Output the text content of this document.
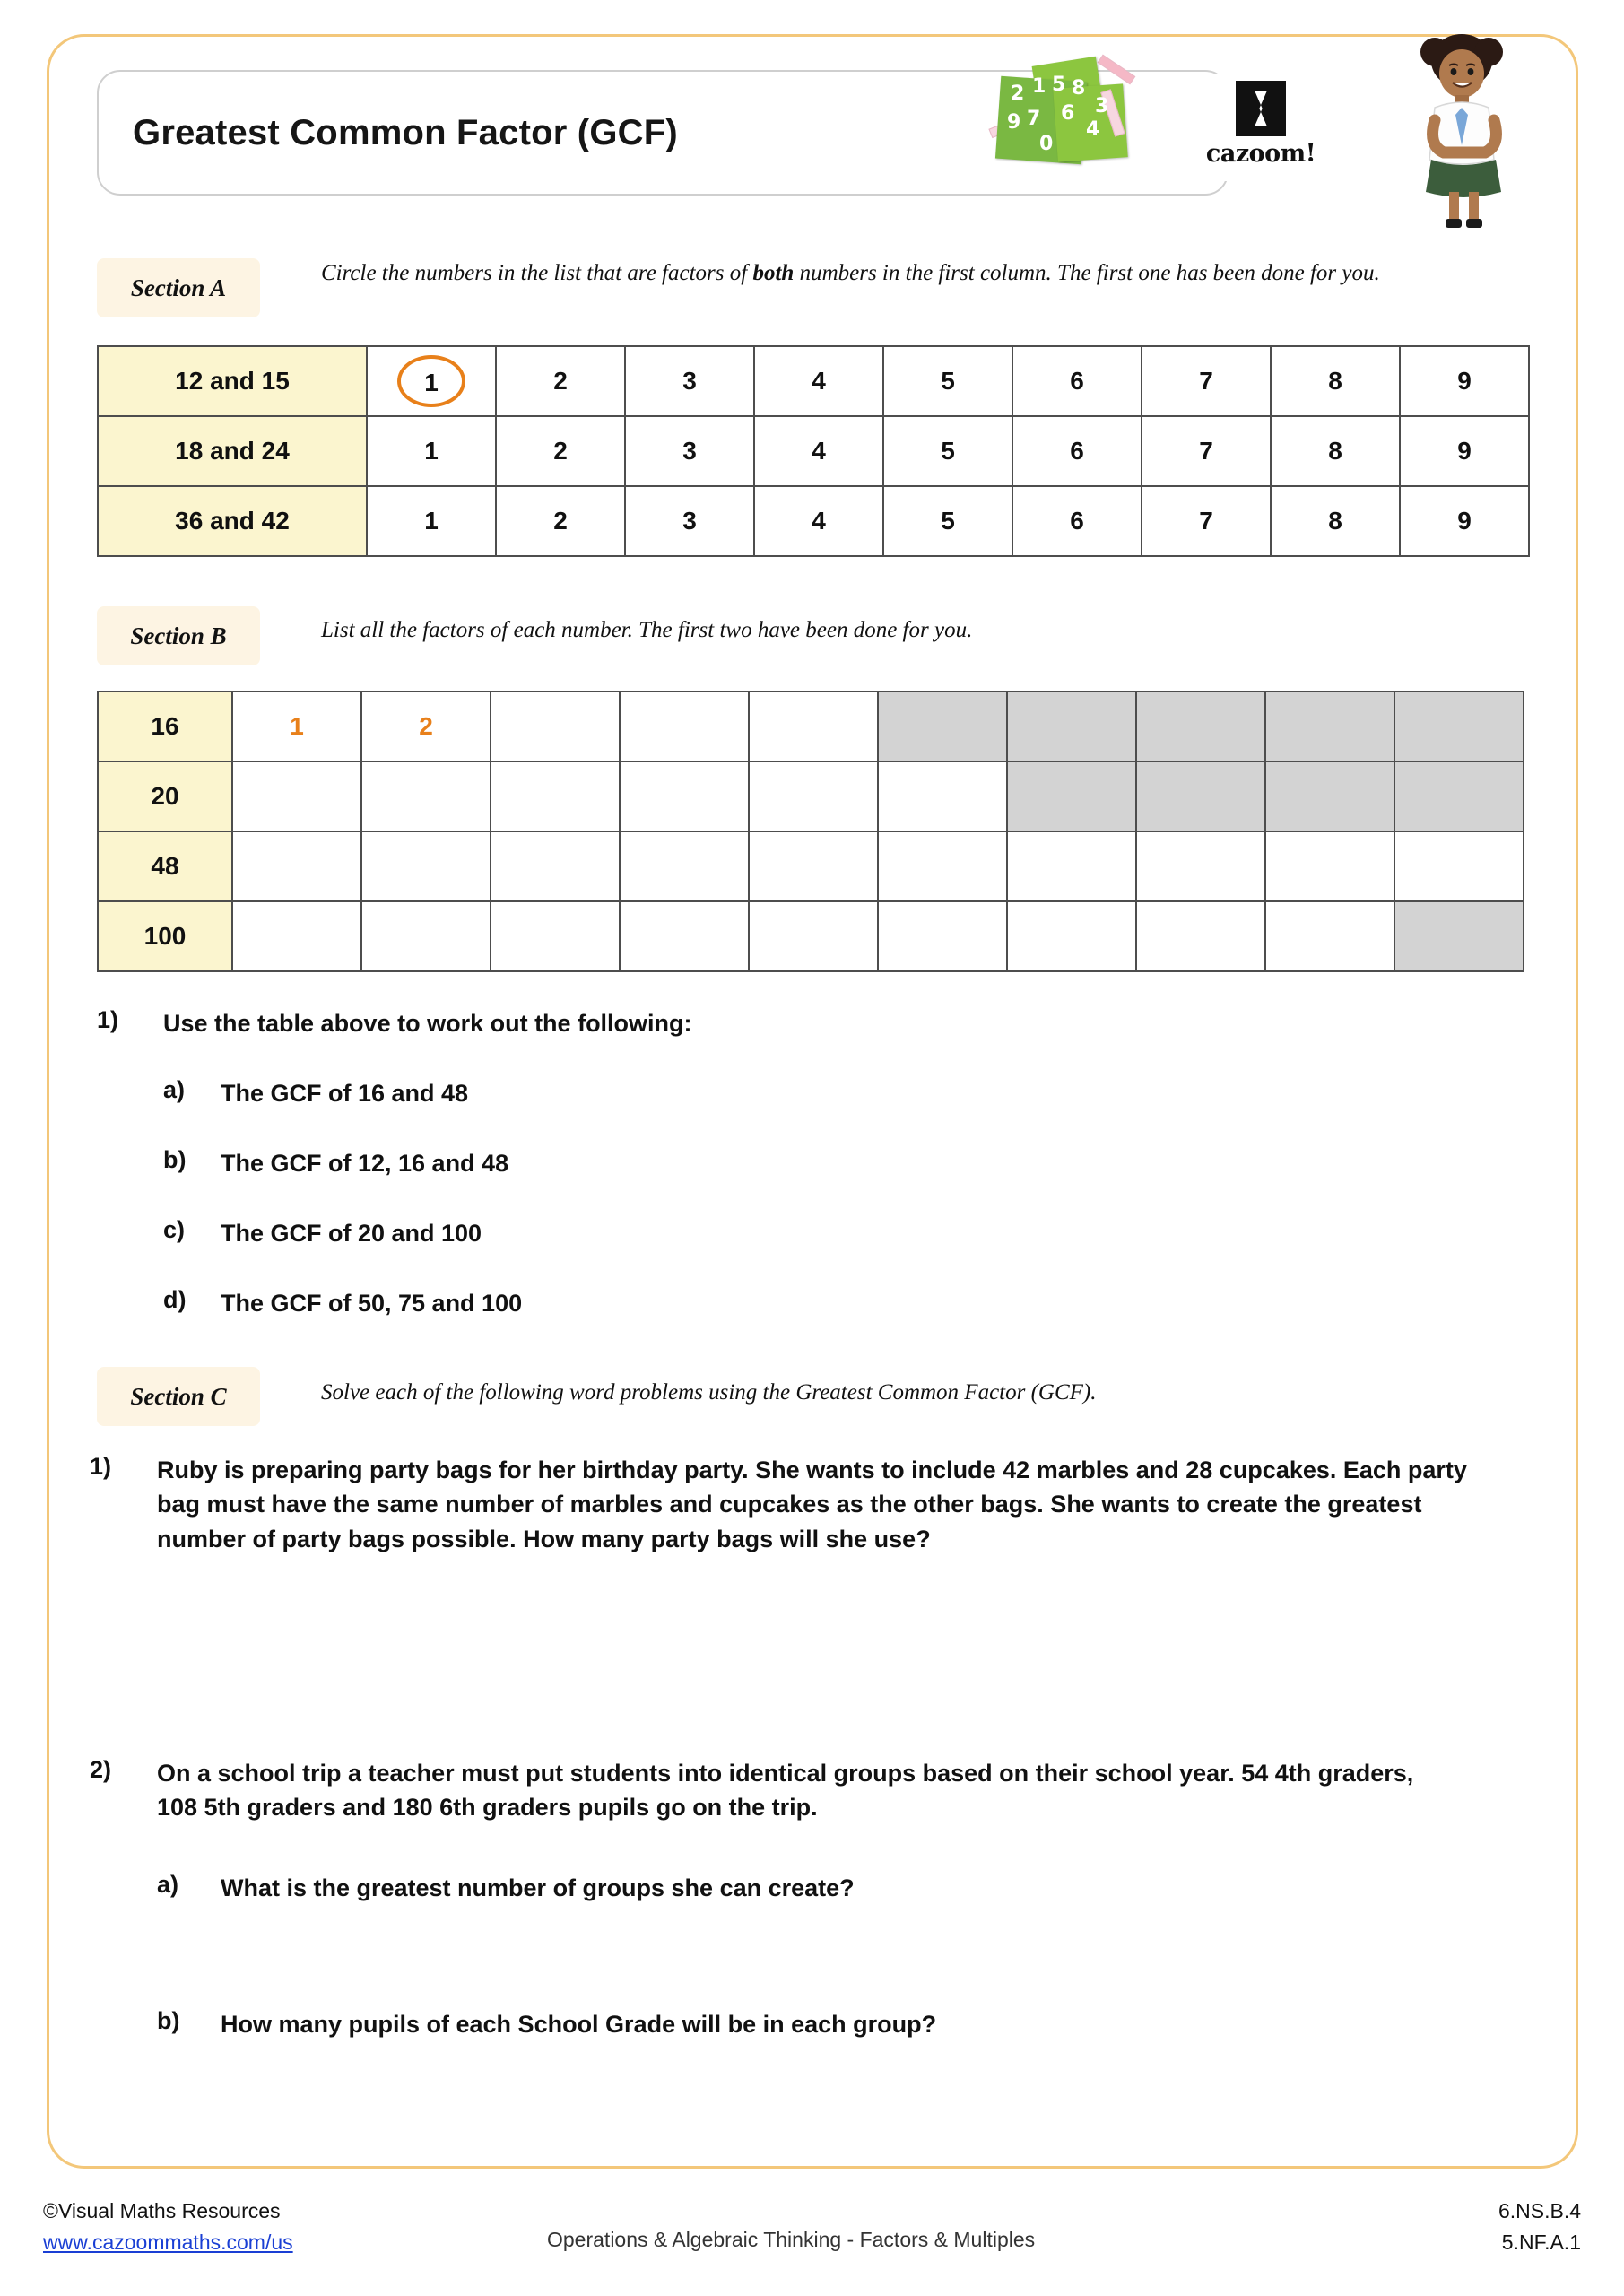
Greatest Common Factor (GCF)
2 1 5 8
3
9 7 6
4
0	cazoom!
Section A
Circle the numbers in the list that are factors of both numbers in the first column. The first one has been done for you.
12 and 15	1	2	3	4	5	6	7	8	9
18 and 24	1	2	3	4	5	6	7	8	9
36 and 42	1	2	3	4	5	6	7	8	9
Section B	List all the factors of each number. The first two have been done for you.
16	1	2								
20										
48										
100										
1) Use the table above to work out the following:
a) The GCF of 16 and 48
b) The GCF of 12, 16 and 48
c) The GCF of 20 and 100
d) The GCF of 50, 75 and 100
Section C	Solve each of the following word problems using the Greatest Common Factor (GCF).
1) Ruby is preparing party bags for her birthday party. She wants to include 42 marbles and 28 cupcakes. Each party bag must have the same number of marbles and cupcakes as the other bags. She wants to create the greatest number of party bags possible. How many party bags will she use?
2) On a school trip a teacher must put students into identical groups based on their school year. 54 4th graders, 108 5th graders and 180 6th graders pupils go on the trip.
a) What is the greatest number of groups she can create?
b) How many pupils of each School Grade will be in each group?
©Visual Maths Resources
www.cazoommaths.com/us	Operations & Algebraic Thinking - Factors & Multiples
6.NS.B.4
5.NF.A.1
